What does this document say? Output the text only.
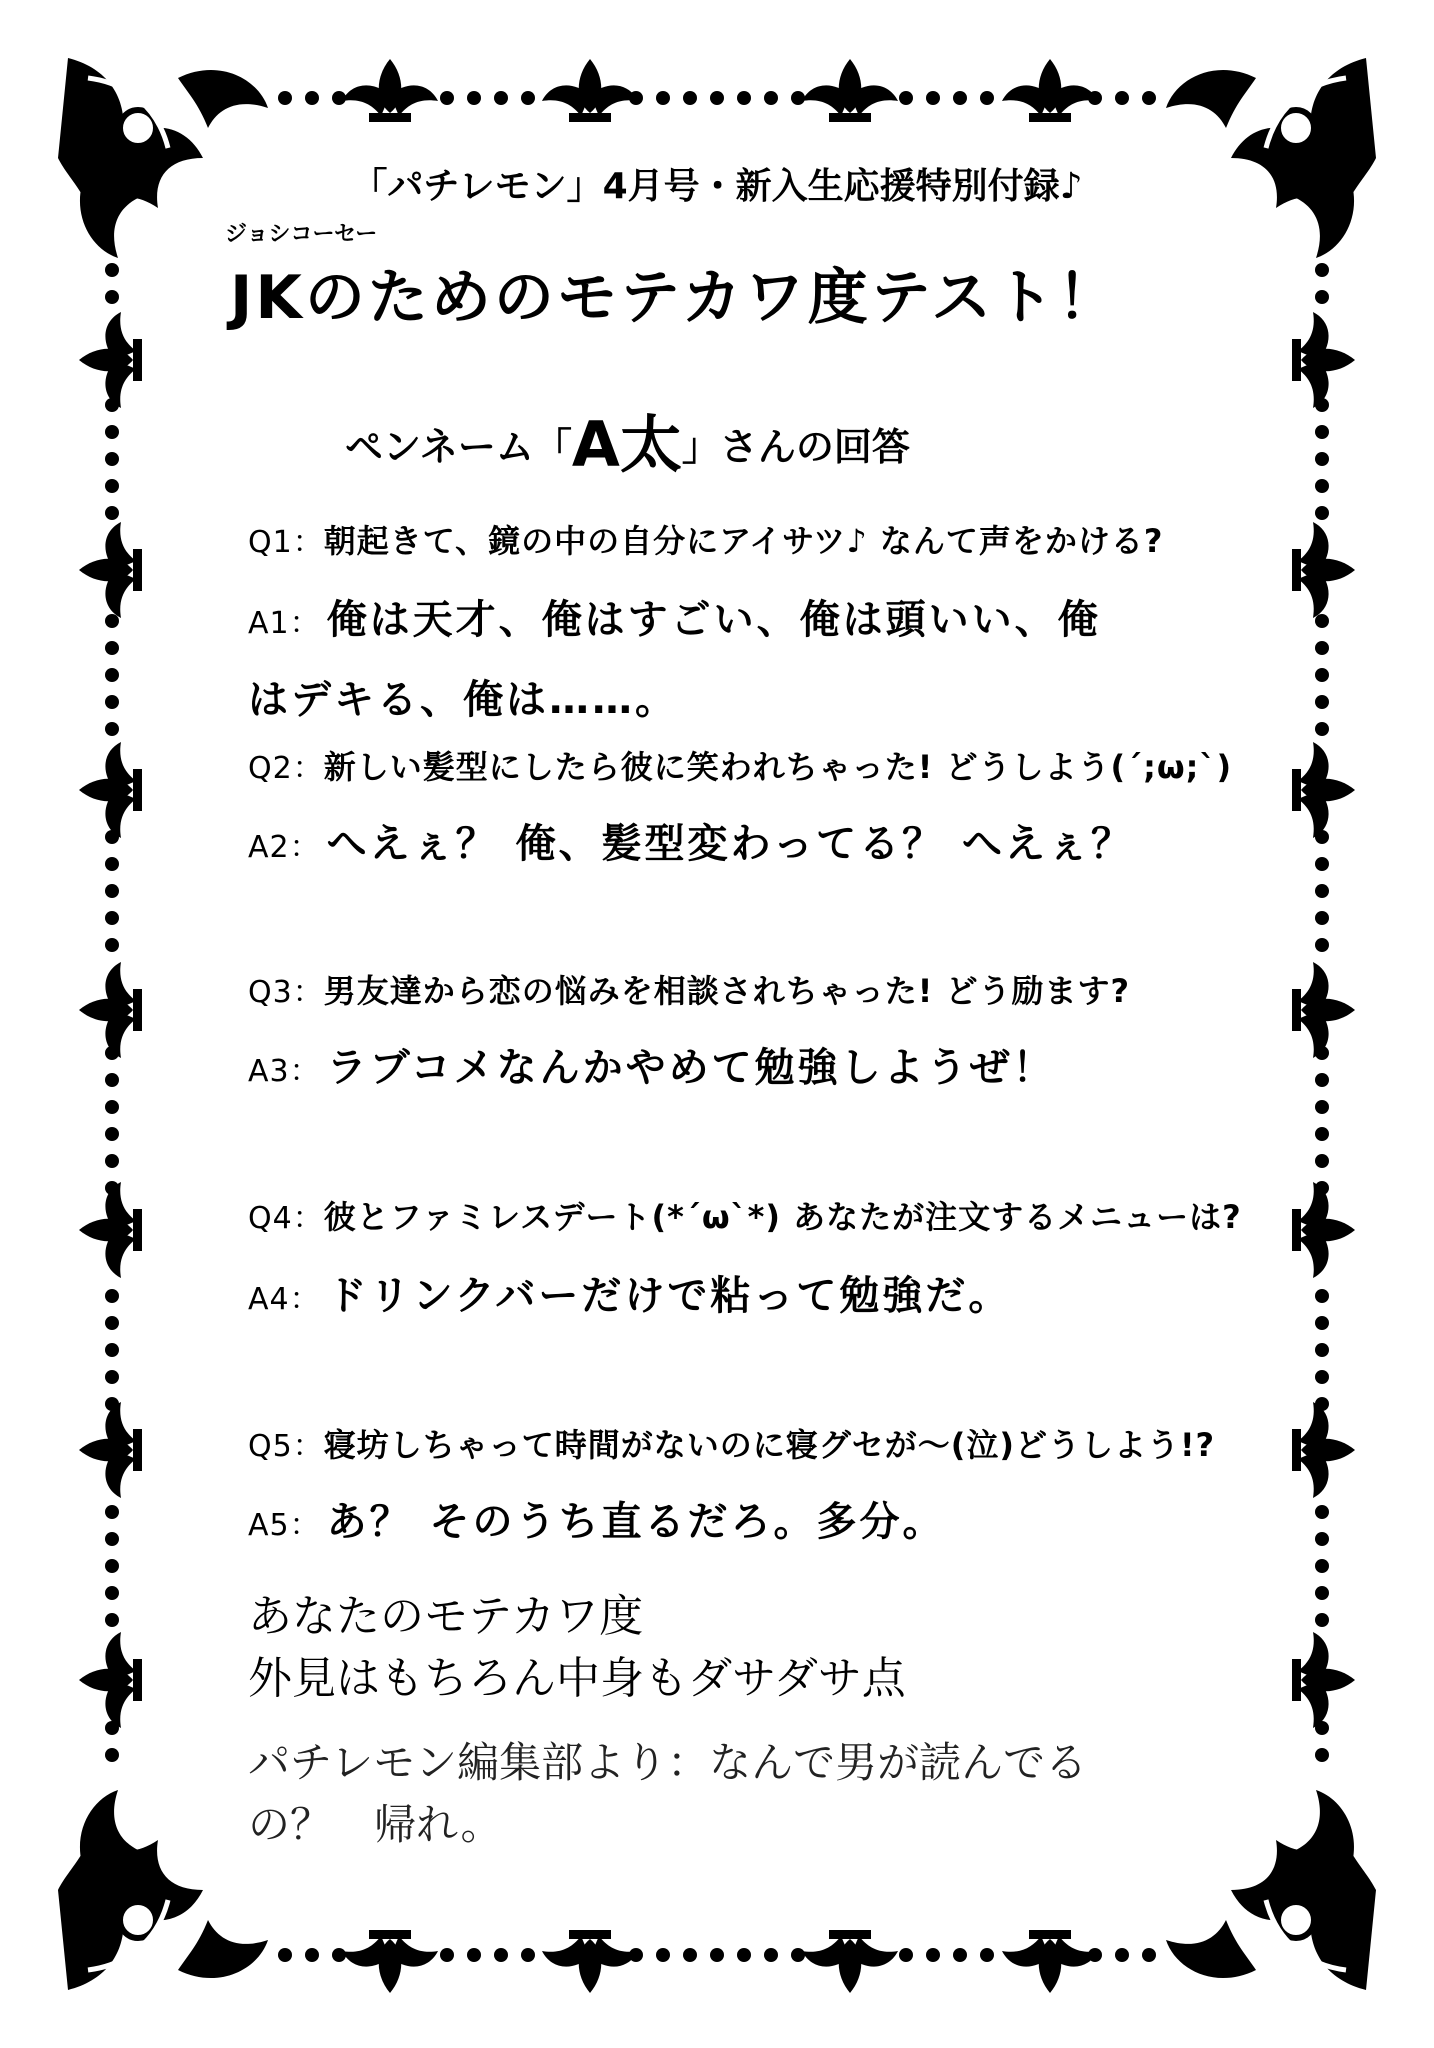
「パチレモン」4月号・新入生応援特別付録♪
ジョシコーセー
JKのためのモテカワ度テスト！
ペンネーム「A太」さんの回答
Q1：朝起きて、鏡の中の自分にアイサツ♪ なんて声をかける?
A1： 俺は天才、俺はすごい、俺は頭いい、俺
はデキる、俺は……。
Q2：新しい髪型にしたら彼に笑われちゃった! どうしよう(´;ω;`)
A2： へえぇ？ 俺、髪型変わってる？ へえぇ？
Q3：男友達から恋の悩みを相談されちゃった! どう励ます?
A3： ラブコメなんかやめて勉強しようぜ！
Q4：彼とファミレスデート(*´ω`*) あなたが注文するメニューは?
A4： ドリンクバーだけで粘って勉強だ。
Q5：寝坊しちゃって時間がないのに寝グセが〜(泣)どうしよう!?
A5： あ？ そのうち直るだろ。多分。
あなたのモテカワ度
外見はもちろん中身もダサダサ点
パチレモン編集部より：なんで男が読んでる
の？　帰れ。
